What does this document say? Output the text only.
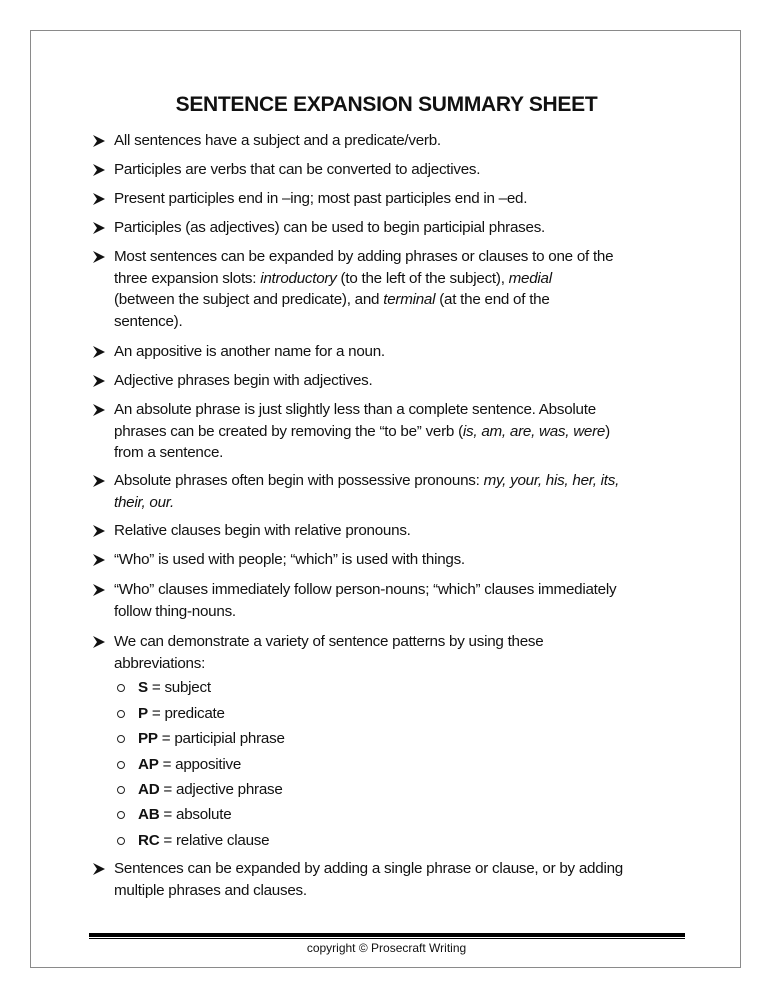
SENTENCE EXPANSION SUMMARY SHEET
All sentences have a subject and a predicate/verb.
Participles are verbs that can be converted to adjectives.
Present participles end in –ing; most past participles end in –ed.
Participles (as adjectives) can be used to begin participial phrases.
Most sentences can be expanded by adding phrases or clauses to one of the
three expansion slots: introductory (to the left of the subject), medial
(between the subject and predicate), and terminal (at the end of the
sentence).
An appositive is another name for a noun.
Adjective phrases begin with adjectives.
An absolute phrase is just slightly less than a complete sentence. Absolute
phrases can be created by removing the “to be” verb (is, am, are, was, were)
from a sentence.
Absolute phrases often begin with possessive pronouns: my, your, his, her, its,
their, our.
Relative clauses begin with relative pronouns.
“Who” is used with people; “which” is used with things.
“Who” clauses immediately follow person-nouns; “which” clauses immediately
follow thing-nouns.
We can demonstrate a variety of sentence patterns by using these
abbreviations:
Sentences can be expanded by adding a single phrase or clause, or by adding
multiple phrases and clauses.
S = subject
P = predicate
PP = participial phrase
AP = appositive
AD = adjective phrase
AB = absolute
RC = relative clause
copyright © Prosecraft Writing
